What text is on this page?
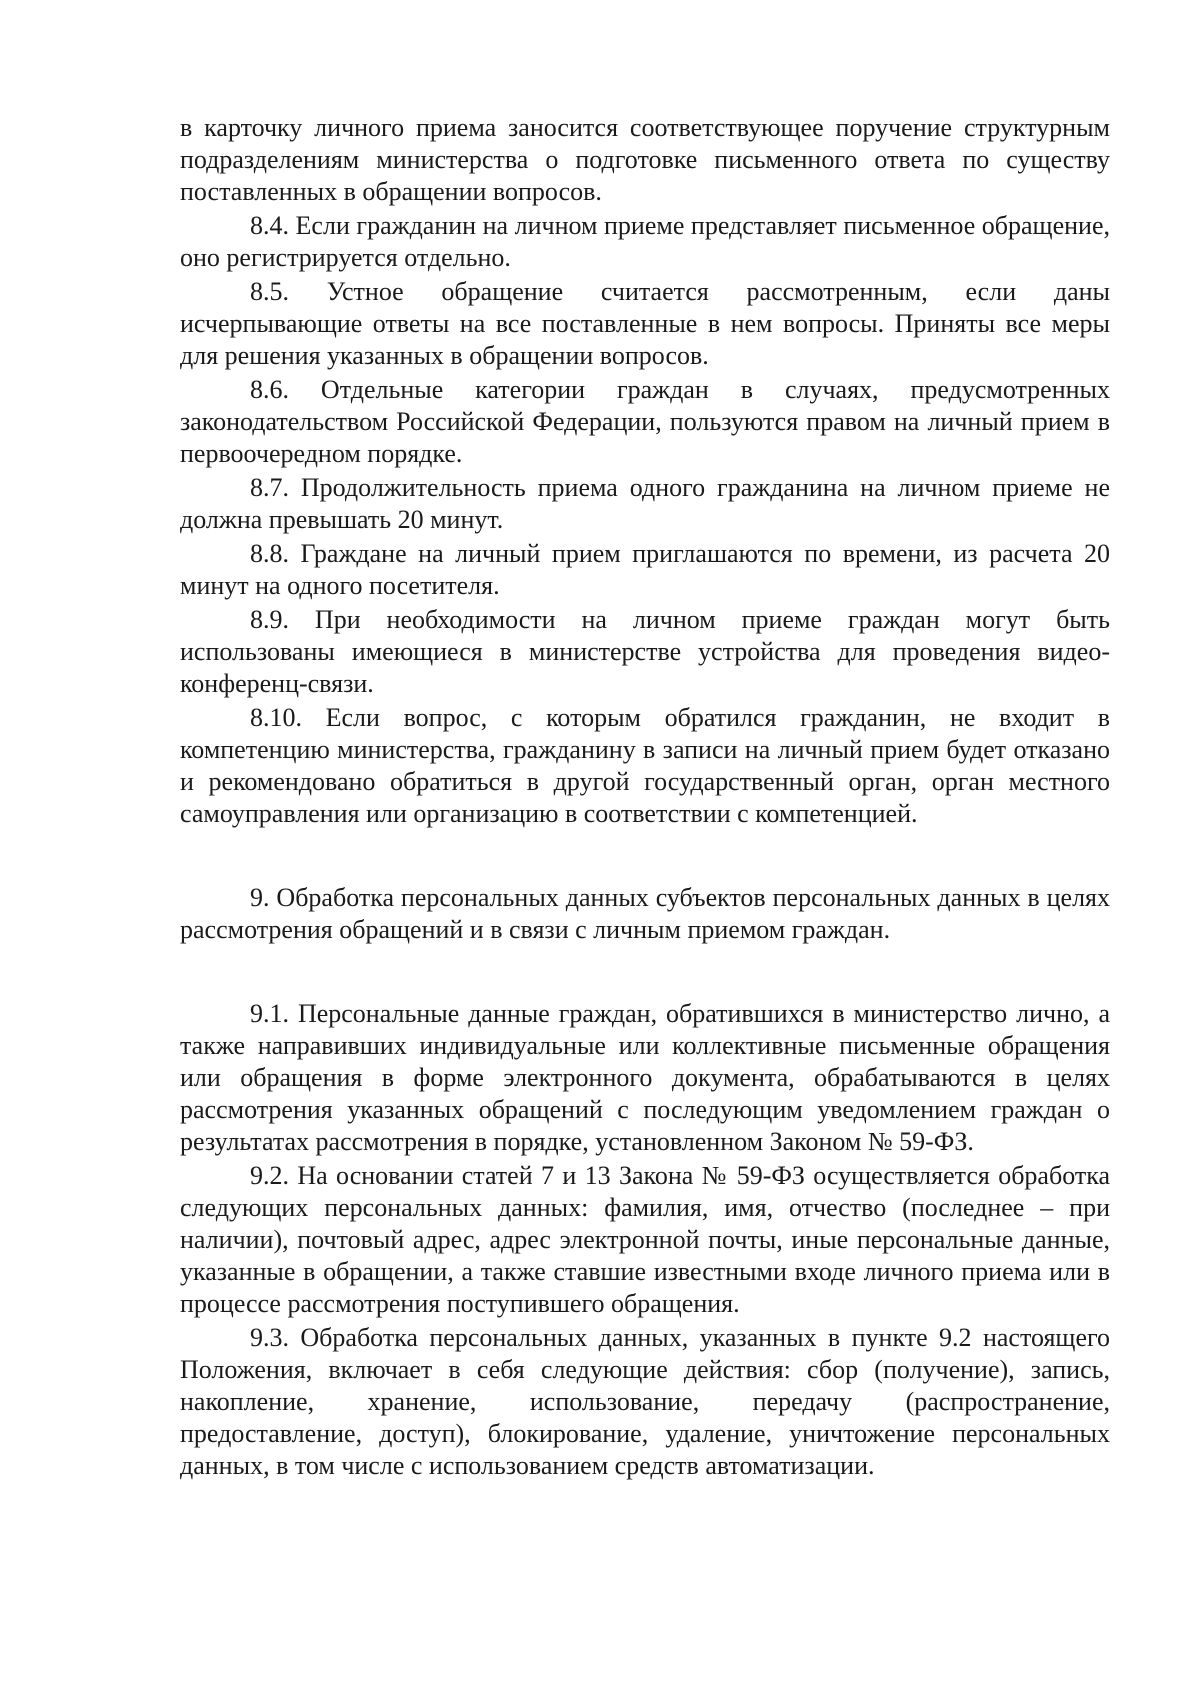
в карточку личного приема заносится соответствующее поручение структурным подразделениям министерства о подготовке письменного ответа по существу поставленных в обращении вопросов.

8.4. Если гражданин на личном приеме представляет письменное обращение, оно регистрируется отдельно.

8.5. Устное обращение считается рассмотренным, если даны исчерпывающие ответы на все поставленные в нем вопросы. Приняты все меры для решения указанных в обращении вопросов.

8.6. Отдельные категории граждан в случаях, предусмотренных законодательством Российской Федерации, пользуются правом на личный прием в первоочередном порядке.

8.7. Продолжительность приема одного гражданина на личном приеме не должна превышать 20 минут.

8.8. Граждане на личный прием приглашаются по времени, из расчета 20 минут на одного посетителя.

8.9. При необходимости на личном приеме граждан могут быть использованы имеющиеся в министерстве устройства для проведения видео-конференц-связи.

8.10. Если вопрос, с которым обратился гражданин, не входит в компетенцию министерства, гражданину в записи на личный прием будет отказано и рекомендовано обратиться в другой государственный орган, орган местного самоуправления или организацию в соответствии с компетенцией.

9. Обработка персональных данных субъектов персональных данных в целях рассмотрения обращений и в связи с личным приемом граждан.

9.1. Персональные данные граждан, обратившихся в министерство лично, а также направивших индивидуальные или коллективные письменные обращения или обращения в форме электронного документа, обрабатываются в целях рассмотрения указанных обращений с последующим уведомлением граждан о результатах рассмотрения в порядке, установленном Законом № 59-ФЗ.

9.2. На основании статей 7 и 13 Закона № 59-ФЗ осуществляется обработка следующих персональных данных: фамилия, имя, отчество (последнее – при наличии), почтовый адрес, адрес электронной почты, иные персональные данные, указанные в обращении, а также ставшие известными входе личного приема или в процессе рассмотрения поступившего обращения.

9.3. Обработка персональных данных, указанных в пункте 9.2 настоящего Положения, включает в себя следующие действия: сбор (получение), запись, накопление, хранение, использование, передачу (распространение, предоставление, доступ), блокирование, удаление, уничтожение персональных данных, в том числе с использованием средств автоматизации.
